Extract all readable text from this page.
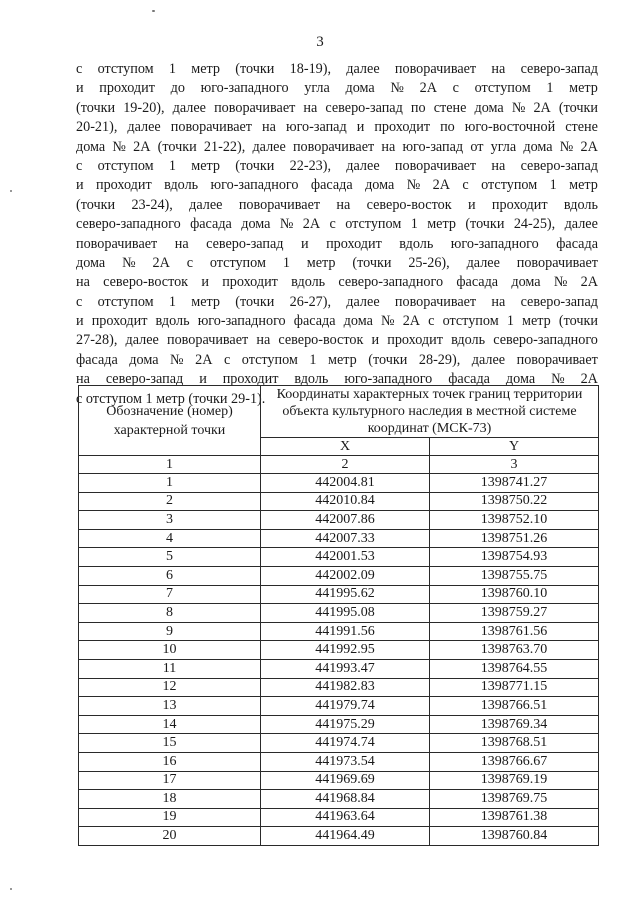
3
с отступом 1 метр (точки 18-19), далее поворачивает на северо-запад
и проходит до юго-западного угла дома № 2А с отступом 1 метр
(точки 19-20), далее поворачивает на северо-запад по стене дома № 2А (точки
20-21), далее поворачивает на юго-запад и проходит по юго-восточной стене
дома № 2А (точки 21-22), далее поворачивает на юго-запад от угла дома № 2А
с отступом 1 метр (точки 22-23), далее поворачивает на северо-запад
и проходит вдоль юго-западного фасада дома № 2А с отступом 1 метр
(точки 23-24), далее поворачивает на северо-восток и проходит вдоль
северо-западного фасада дома № 2А с отступом 1 метр (точки 24-25), далее
поворачивает на северо-запад и проходит вдоль юго-западного фасада
дома № 2А с отступом 1 метр (точки 25-26), далее поворачивает
на северо-восток и проходит вдоль северо-западного фасада дома № 2А
с отступом 1 метр (точки 26-27), далее поворачивает на северо-запад
и проходит вдоль юго-западного фасада дома № 2А с отступом 1 метр (точки
27-28), далее поворачивает на северо-восток и проходит вдоль северо-западного
фасада дома № 2А с отступом 1 метр (точки 28-29), далее поворачивает
на северо-запад и проходит вдоль юго-западного фасада дома № 2А
с отступом 1 метр (точки 29-1).
Обозначение (номер) характерной точки	Координаты характерных точек границ территории объекта культурного наследия в местной системе координат (МСК-73)	
	X	Y
1	2	3
1	442004.81	1398741.27
2	442010.84	1398750.22
3	442007.86	1398752.10
4	442007.33	1398751.26
5	442001.53	1398754.93
6	442002.09	1398755.75
7	441995.62	1398760.10
8	441995.08	1398759.27
9	441991.56	1398761.56
10	441992.95	1398763.70
11	441993.47	1398764.55
12	441982.83	1398771.15
13	441979.74	1398766.51
14	441975.29	1398769.34
15	441974.74	1398768.51
16	441973.54	1398766.67
17	441969.69	1398769.19
18	441968.84	1398769.75
19	441963.64	1398761.38
20	441964.49	1398760.84
